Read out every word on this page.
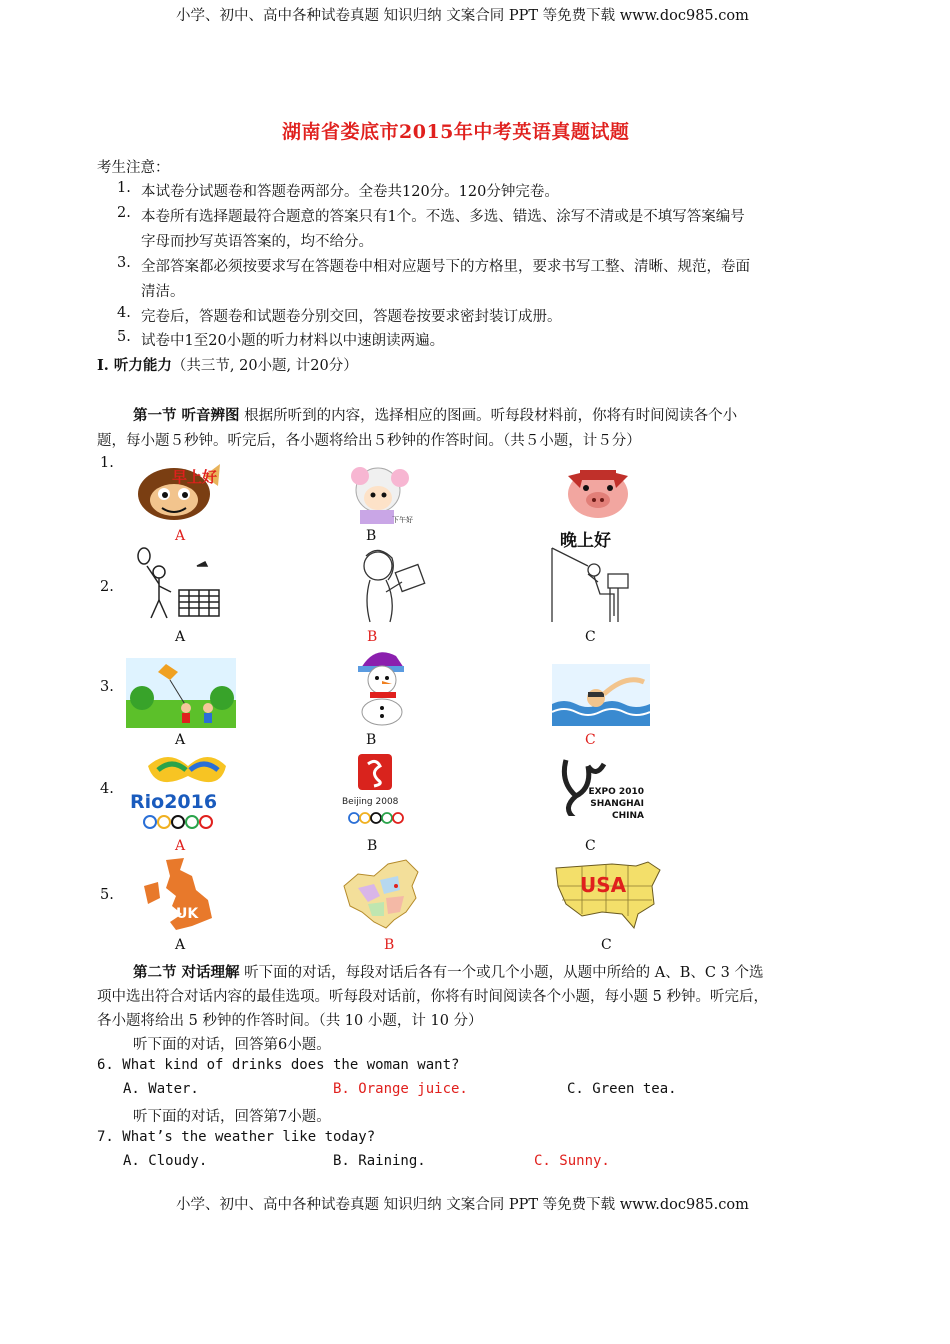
小学、初中、高中各种试卷真题 知识归纳 文案合同 PPT 等免费下载 www.doc985.com
湖南省娄底市2015年中考英语真题试题
考生注意：
1. 本试卷分试题卷和答题卷两部分。全卷共120分。120分钟完卷。
2. 本卷所有选择题最符合题意的答案只有1个。不选、多选、错选、涂写不清或是不填写答案编号
字母而抄写英语答案的，均不给分。
3. 全部答案都必须按要求写在答题卷中相对应题号下的方格里，要求书写工整、清晰、规范，卷面
清洁。
4. 完卷后，答题卷和试题卷分别交回，答题卷按要求密封装订成册。
5. 试卷中1至20小题的听力材料以中速朗读两遍。
I. 听力能力（共三节, 20小题, 计20分）
第一节 听音辨图 根据所听到的内容，选择相应的图画。听每段材料前，你将有时间阅读各个小
题，每小题５秒钟。听完后，各小题将给出５秒钟的作答时间。（共５小题，计５分）
1.
2.
3.
4.
5.
早上好
下午好
晚上好
A	B
A	B	C
A	B	C
Rio2016	Beijing 2008
EXPO 2010 SHANGHAI CHINA
A	B	C
UK
USA
A	B	C
第二节 对话理解 听下面的对话，每段对话后各有一个或几个小题，从题中所给的 A、B、C 3 个选
项中选出符合对话内容的最佳选项。听每段对话前，你将有时间阅读各个小题，每小题 5 秒钟。听完后，
各小题将给出 5 秒钟的作答时间。（共 10 小题，计 10 分）
听下面的对话，回答第6小题。
6. What kind of drinks does the woman want?
A. Water.	B. Orange juice.	C. Green tea.
听下面的对话，回答第7小题。
7. What’s the weather like today?
A. Cloudy.	B. Raining.	C. Sunny.
小学、初中、高中各种试卷真题 知识归纳 文案合同 PPT 等免费下载 www.doc985.com
